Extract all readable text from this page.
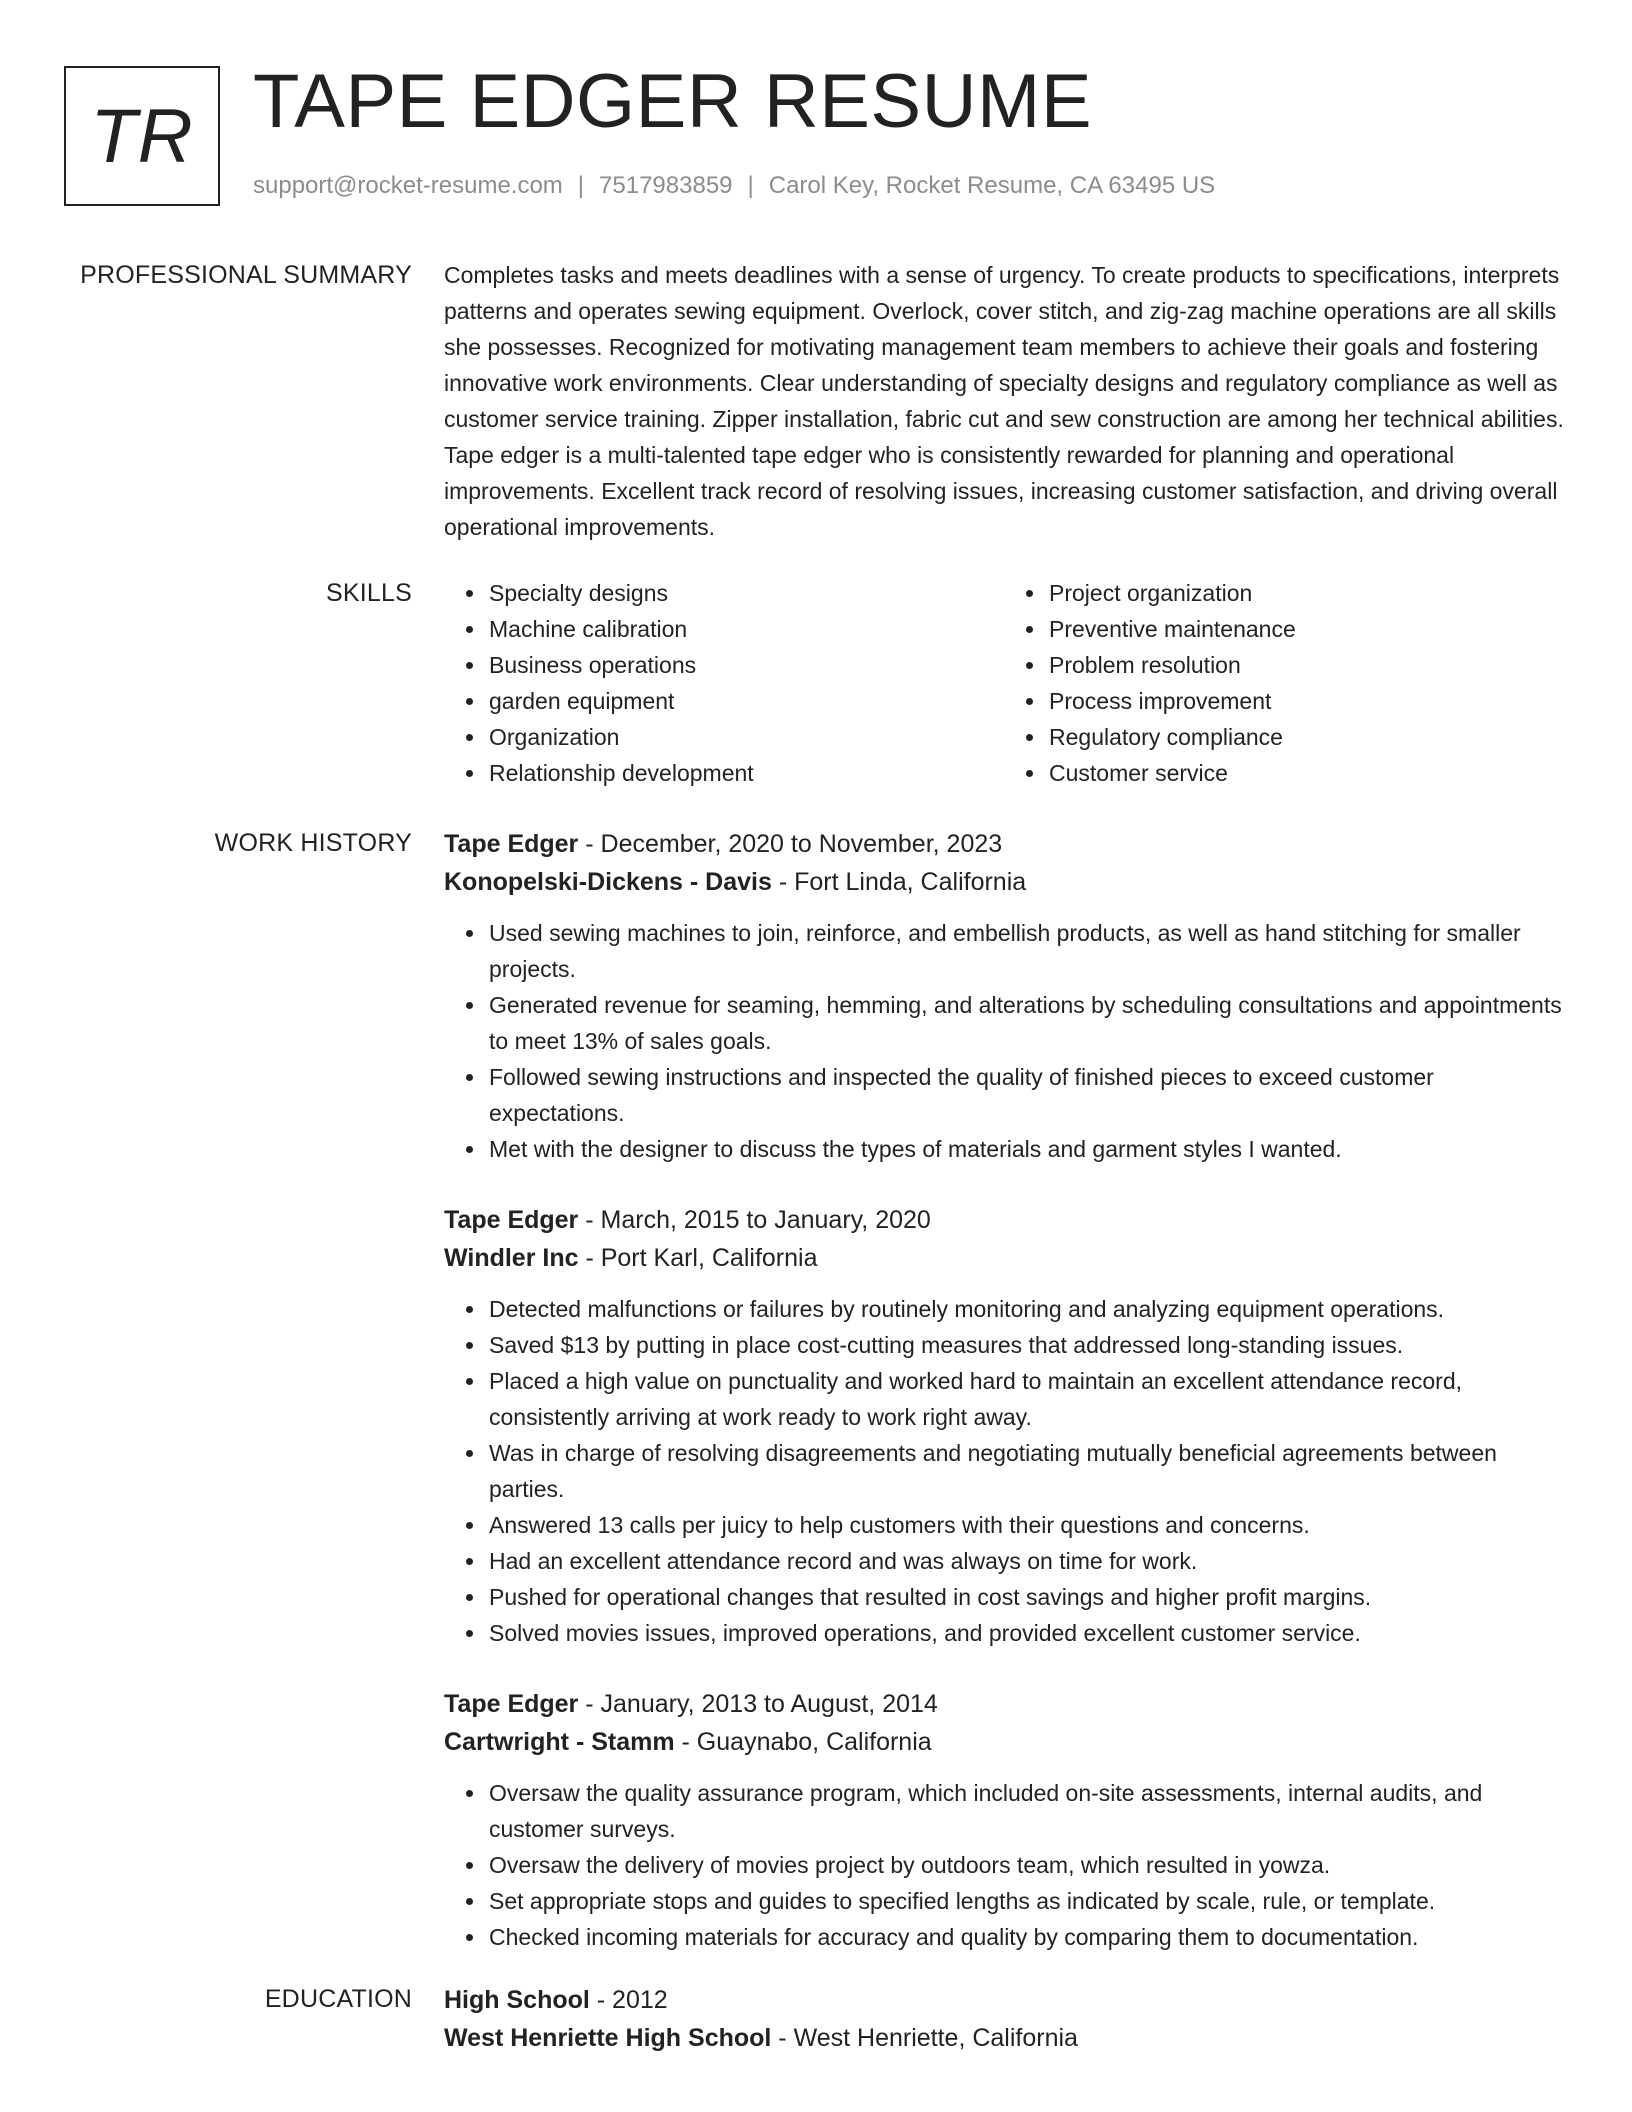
TR TAPE EDGER RESUME
support@rocket-resume.com | 7517983859 | Carol Key, Rocket Resume, CA 63495 US
PROFESSIONAL SUMMARY Completes tasks and meets deadlines with a sense of urgency. To create products to specifications, interprets patterns and operates sewing equipment. Overlock, cover stitch, and zig-zag machine operations are all skills she possesses. Recognized for motivating management team members to achieve their goals and fostering innovative work environments. Clear understanding of specialty designs and regulatory compliance as well as customer service training. Zipper installation, fabric cut and sew construction are among her technical abilities. Tape edger is a multi-talented tape edger who is consistently rewarded for planning and operational improvements. Excellent track record of resolving issues, increasing customer satisfaction, and driving overall operational improvements.
SKILLS
•	Specialty designs
• Machine calibration
• Business operations
• garden equipment
• Organization
• Relationship development
• Project organization
• Preventive maintenance
• Problem resolution
• Process improvement
• Regulatory compliance
• Customer service
WORK HISTORY Tape Edger - December, 2020 to November, 2023
Konopelski-Dickens - Davis - Fort Linda, California
• Used sewing machines to join, reinforce, and embellish products, as well as hand stitching for smaller projects.
• Generated revenue for seaming, hemming, and alterations by scheduling consultations and appointments to meet 13% of sales goals.
• Followed sewing instructions and inspected the quality of finished pieces to exceed customer expectations.
• Met with the designer to discuss the types of materials and garment styles I wanted.
Tape Edger - March, 2015 to January, 2020
Windler Inc - Port Karl, California
• Detected malfunctions or failures by routinely monitoring and analyzing equipment operations.
• Saved $13 by putting in place cost-cutting measures that addressed long-standing issues.
• Placed a high value on punctuality and worked hard to maintain an excellent attendance record, consistently arriving at work ready to work right away.
• Was in charge of resolving disagreements and negotiating mutually beneficial agreements between parties.
• Answered 13 calls per juicy to help customers with their questions and concerns.
• Had an excellent attendance record and was always on time for work.
• Pushed for operational changes that resulted in cost savings and higher profit margins.
• Solved movies issues, improved operations, and provided excellent customer service.
Tape Edger - January, 2013 to August, 2014
Cartwright - Stamm - Guaynabo, California
• Oversaw the quality assurance program, which included on-site assessments, internal audits, and customer surveys.
• Oversaw the delivery of movies project by outdoors team, which resulted in yowza.
• Set appropriate stops and guides to specified lengths as indicated by scale, rule, or template.
• Checked incoming materials for accuracy and quality by comparing them to documentation.
EDUCATION High School - 2012
West Henriette High School - West Henriette, California
